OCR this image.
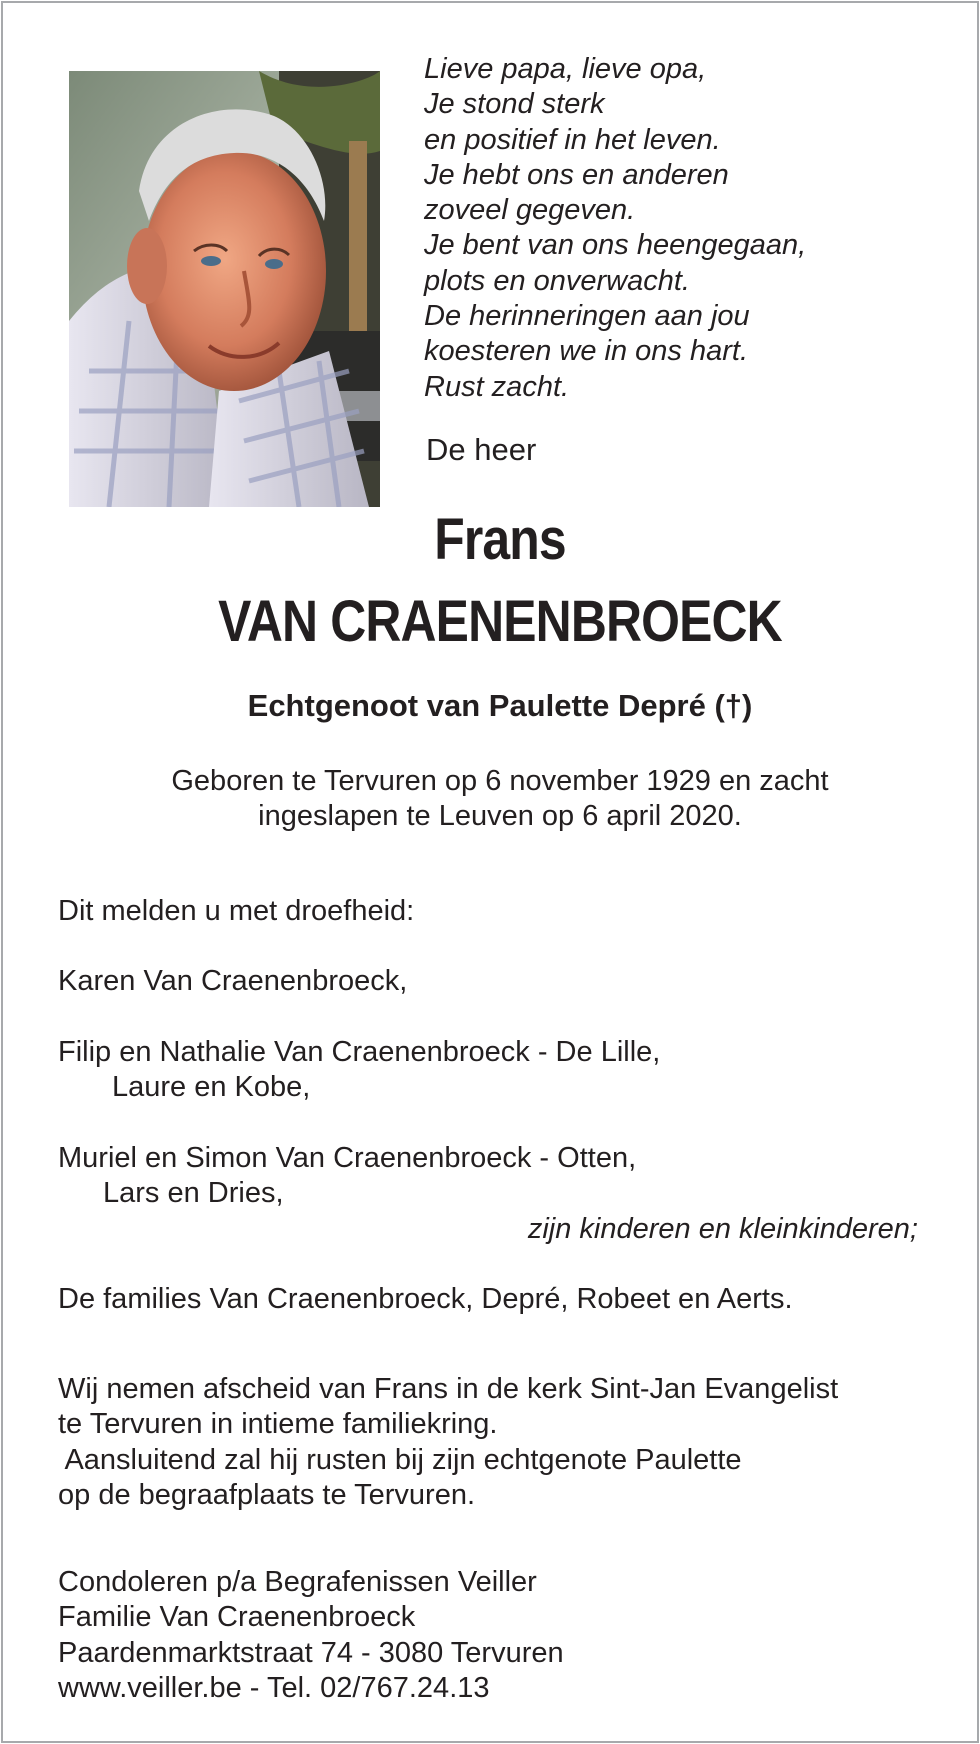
Lieve papa, lieve opa,
Je stond sterk
en positief in het leven.
Je hebt ons en anderen
zoveel gegeven.
Je bent van ons heengegaan,
plots en onverwacht.
De herinneringen aan jou
koesteren we in ons hart.
Rust zacht.
De heer
Frans
VAN CRAENENBROECK
Echtgenoot van Paulette Depré (†)
Geboren te Tervuren op 6 november 1929 en zacht
ingeslapen te Leuven op 6 april 2020.
Dit melden u met droefheid:
Karen Van Craenenbroeck,
Filip en Nathalie Van Craenenbroeck - De Lille,
Laure en Kobe,
Muriel en Simon Van Craenenbroeck - Otten,
Lars en Dries,
zijn kinderen en kleinkinderen;
De families Van Craenenbroeck, Depré, Robeet en Aerts.
Wij nemen afscheid van Frans in de kerk Sint-Jan Evangelist
te Tervuren in intieme familiekring.
Aansluitend zal hij rusten bij zijn echtgenote Paulette
op de begraafplaats te Tervuren.
Condoleren p/a Begrafenissen Veiller
Familie Van Craenenbroeck
Paardenmarktstraat 74 - 3080 Tervuren
www.veiller.be - Tel. 02/767.24.13
